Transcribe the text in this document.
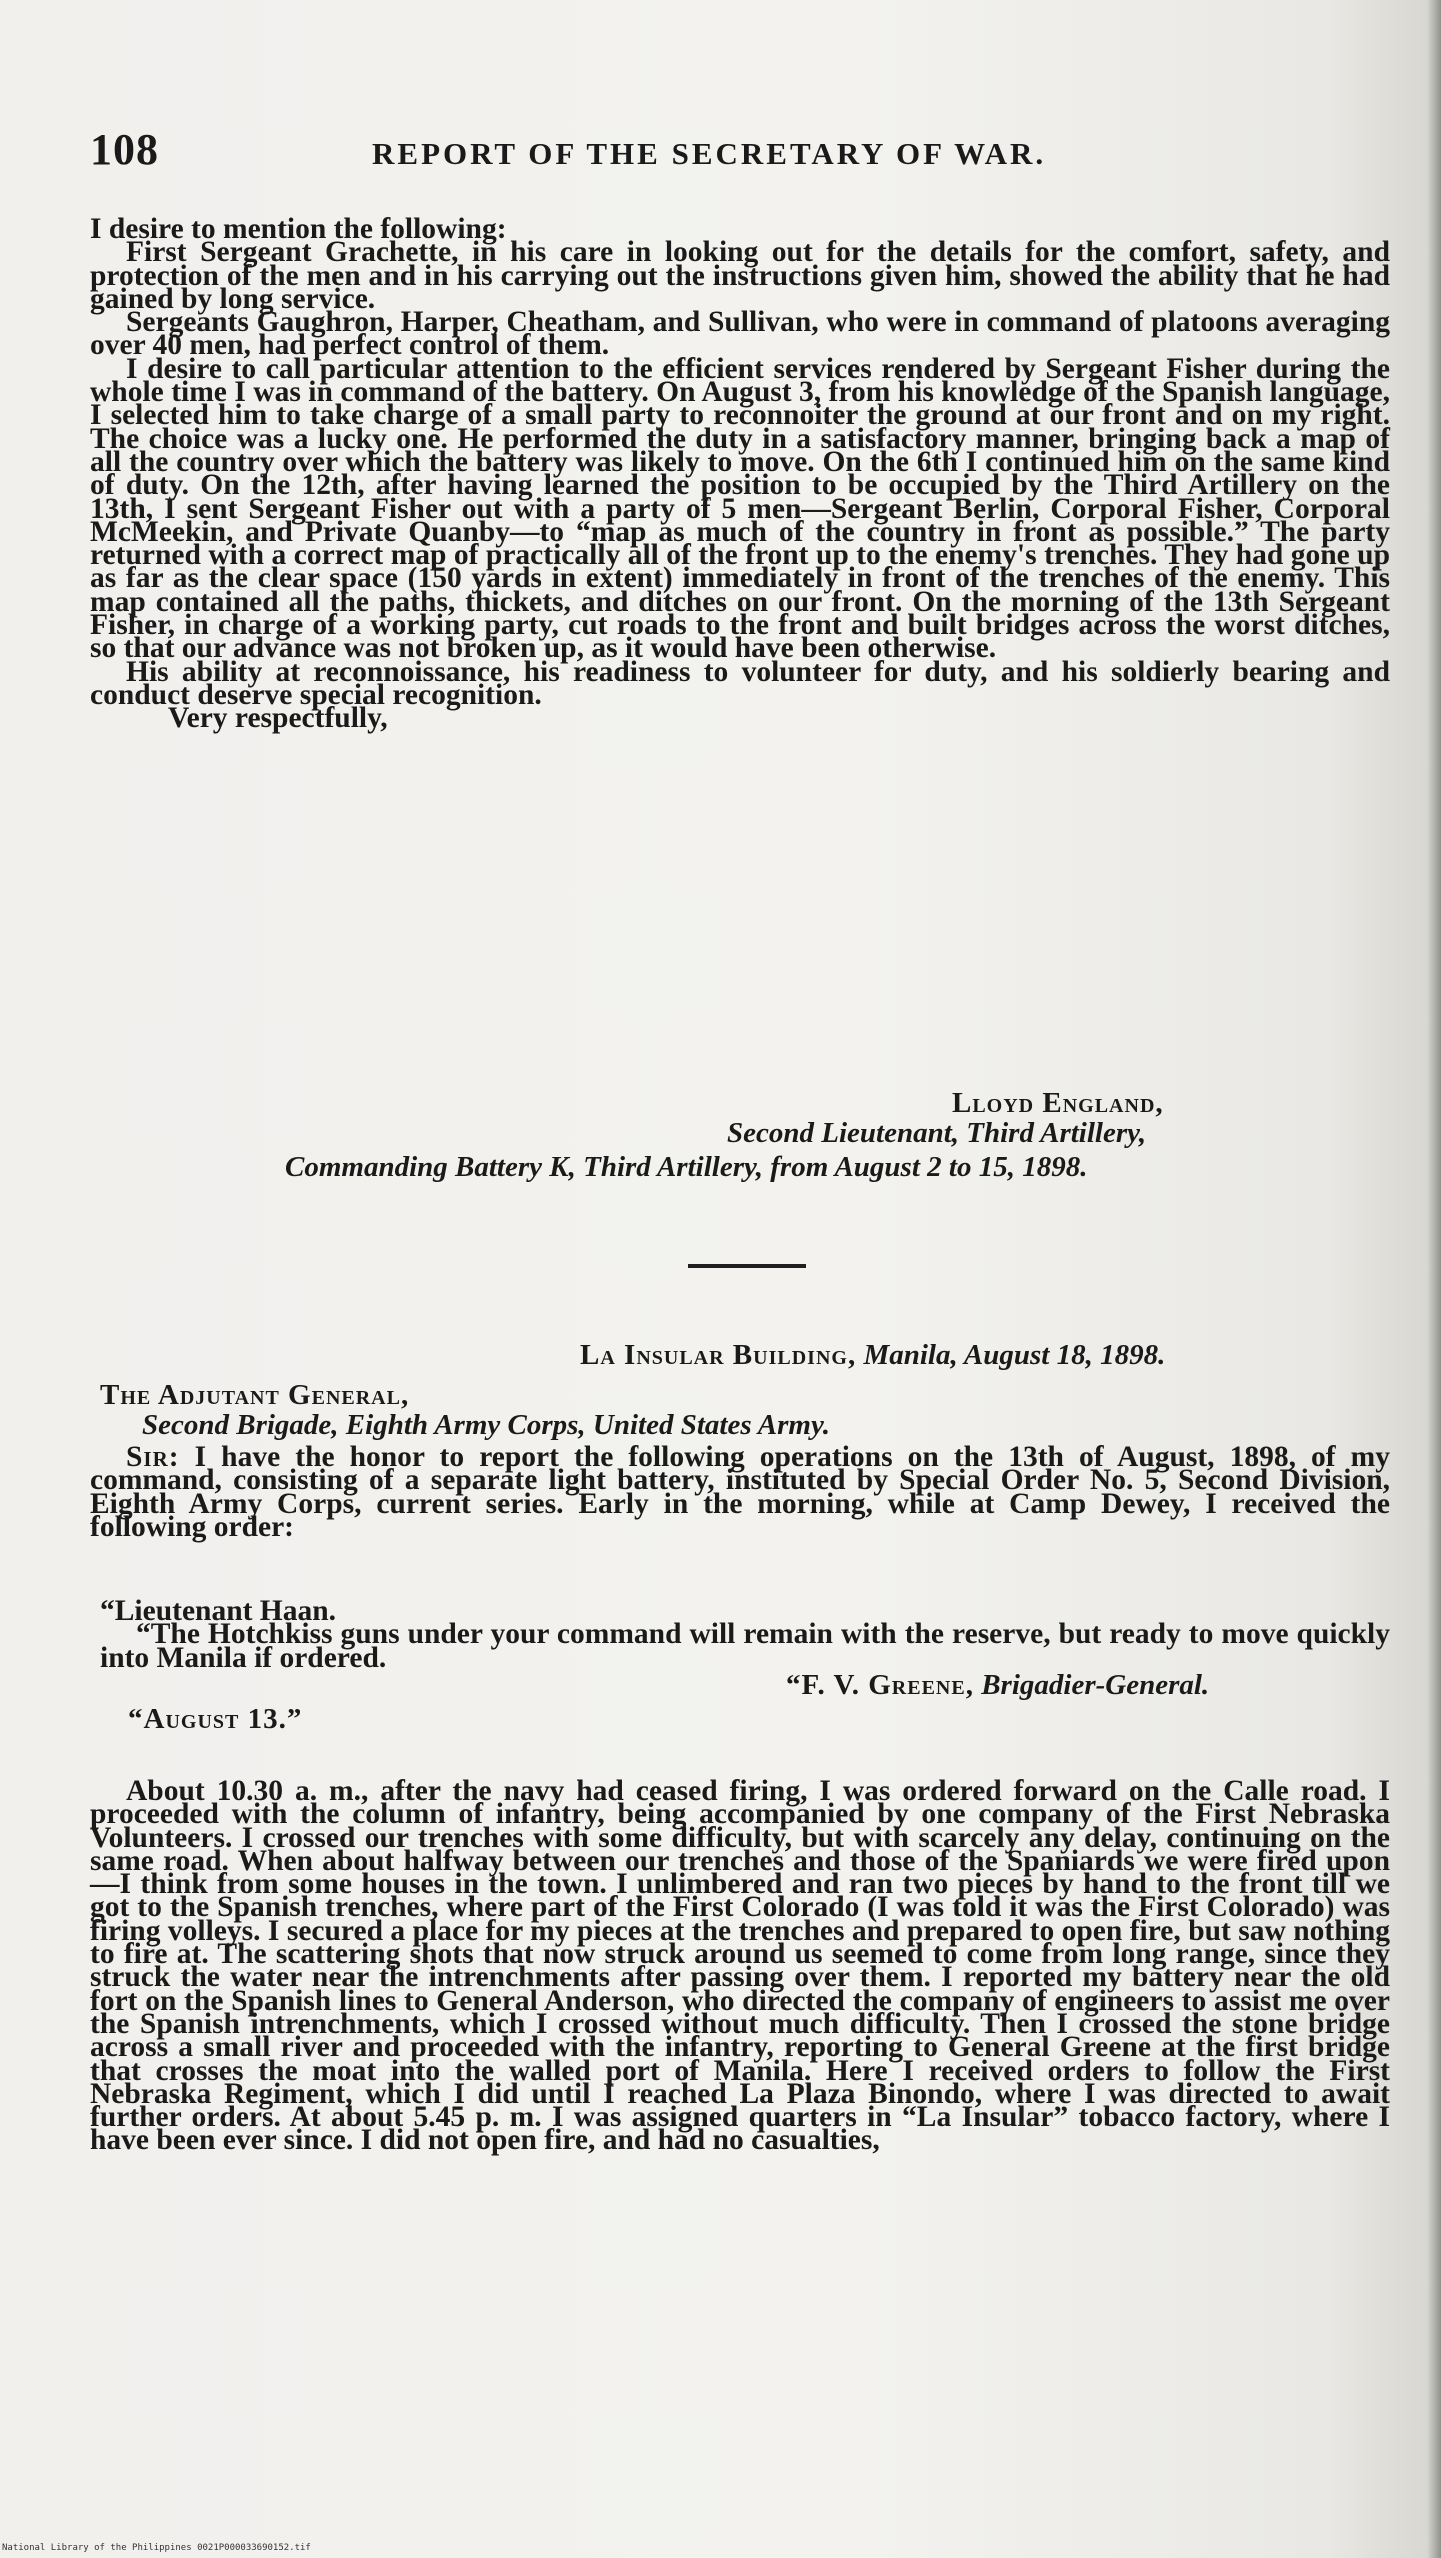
108	REPORT OF THE SECRETARY OF WAR.

I desire to mention the following:

First Sergeant Grachette, in his care in looking out for the details for the comfort, safety, and protection of the men and in his carrying out the instructions given him, showed the ability that he had gained by long service.

Sergeants Gaughron, Harper, Cheatham, and Sullivan, who were in command of platoons averaging over 40 men, had perfect control of them.

I desire to call particular attention to the efficient services rendered by Sergeant Fisher during the whole time I was in command of the battery. On August 3, from his knowledge of the Spanish language, I selected him to take charge of a small party to reconnoiter the ground at our front and on my right. The choice was a lucky one. He performed the duty in a satisfactory manner, bringing back a map of all the country over which the battery was likely to move. On the 6th I continued him on the same kind of duty. On the 12th, after having learned the position to be occupied by the Third Artillery on the 13th, I sent Sergeant Fisher out with a party of 5 men—Sergeant Berlin, Corporal Fisher, Corporal McMeekin, and Private Quanby—to “map as much of the country in front as possible.” The party returned with a correct map of practically all of the front up to the enemy's trenches. They had gone up as far as the clear space (150 yards in extent) immediately in front of the trenches of the enemy. This map contained all the paths, thickets, and ditches on our front. On the morning of the 13th Sergeant Fisher, in charge of a working party, cut roads to the front and built bridges across the worst ditches, so that our advance was not broken up, as it would have been otherwise.

His ability at reconnoissance, his readiness to volunteer for duty, and his soldierly bearing and conduct deserve special recognition.

Very respectfully,

Lloyd England,
Second Lieutenant, Third Artillery,
Commanding Battery K, Third Artillery, from August 2 to 15, 1898.
La Insular Building, Manila, August 18, 1898.
The Adjutant General,
Second Brigade, Eighth Army Corps, United States Army.

Sir: I have the honor to report the following operations on the 13th of August, 1898, of my command, consisting of a separate light battery, instituted by Special Order No. 5, Second Division, Eighth Army Corps, current series. Early in the morning, while at Camp Dewey, I received the following order:

“Lieutenant Haan.

“The Hotchkiss guns under your command will remain with the reserve, but ready to move quickly into Manila if ordered.

“F. V. Greene, Brigadier-General.
“August 13.”

About 10.30 a. m., after the navy had ceased firing, I was ordered forward on the Calle road. I proceeded with the column of infantry, being accompanied by one company of the First Nebraska Volunteers. I crossed our trenches with some difficulty, but with scarcely any delay, continuing on the same road. When about halfway between our trenches and those of the Spaniards we were fired upon—I think from some houses in the town. I unlimbered and ran two pieces by hand to the front till we got to the Spanish trenches, where part of the First Colorado (I was told it was the First Colorado) was firing volleys. I secured a place for my pieces at the trenches and prepared to open fire, but saw nothing to fire at. The scattering shots that now struck around us seemed to come from long range, since they struck the water near the intrenchments after passing over them. I reported my battery near the old fort on the Spanish lines to General Anderson, who directed the company of engineers to assist me over the Spanish intrenchments, which I crossed without much difficulty. Then I crossed the stone bridge across a small river and proceeded with the infantry, reporting to General Greene at the first bridge that crosses the moat into the walled port of Manila. Here I received orders to follow the First Nebraska Regiment, which I did until I reached La Plaza Binondo, where I was directed to await further orders. At about 5.45 p. m. I was assigned quarters in “La Insular” tobacco factory, where I have been ever since. I did not open fire, and had no casualties,

National Library of the Philippines 0021P000033690152.tif
